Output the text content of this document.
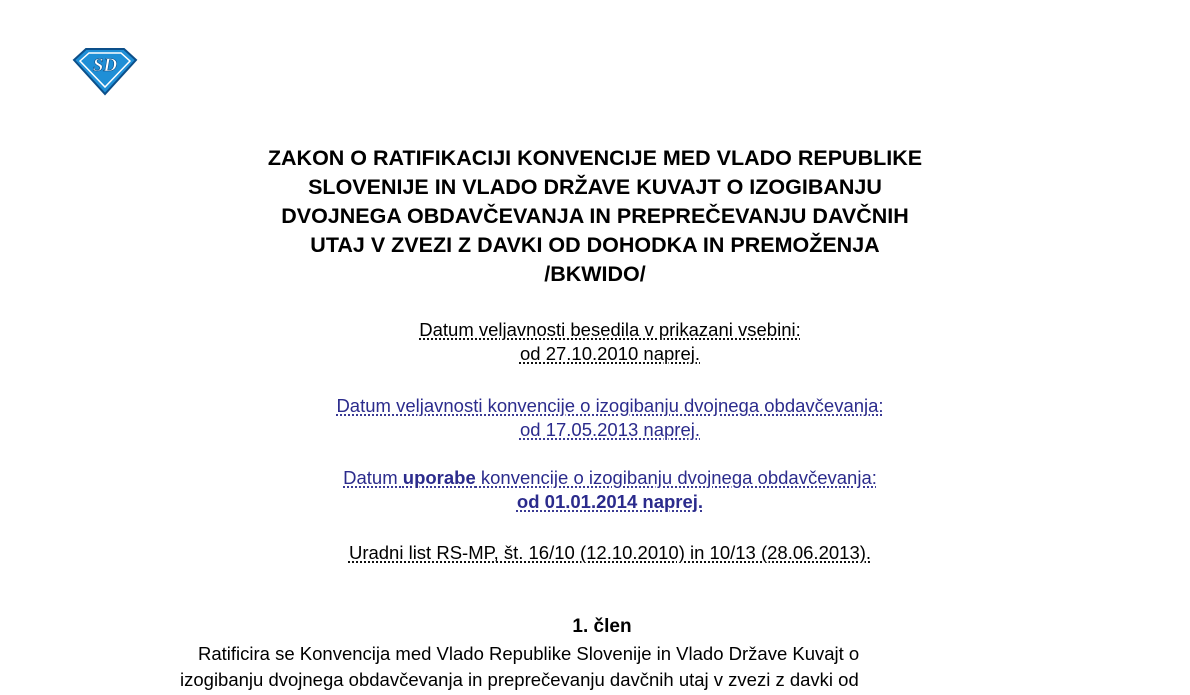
SD
ZAKON O RATIFIKACIJI KONVENCIJE MED VLADO REPUBLIKE
SLOVENIJE IN VLADO DRŽAVE KUVAJT O IZOGIBANJU
DVOJNEGA OBDAVČEVANJA IN PREPREČEVANJU DAVČNIH
UTAJ V ZVEZI Z DAVKI OD DOHODKA IN PREMOŽENJA
/BKWIDO/
Datum veljavnosti besedila v prikazani vsebini:
od 27.10.2010 naprej.
Datum veljavnosti konvencije o izogibanju dvojnega obdavčevanja:
od 17.05.2013 naprej.
Datum uporabe konvencije o izogibanju dvojnega obdavčevanja:
od 01.01.2014 naprej.
Uradni list RS-MP, št. 16/10 (12.10.2010) in 10/13 (28.06.2013).
1. člen
Ratificira se Konvencija med Vlado Republike Slovenije in Vlado Države Kuvajt o
izogibanju dvojnega obdavčevanja in preprečevanju davčnih utaj v zvezi z davki od
